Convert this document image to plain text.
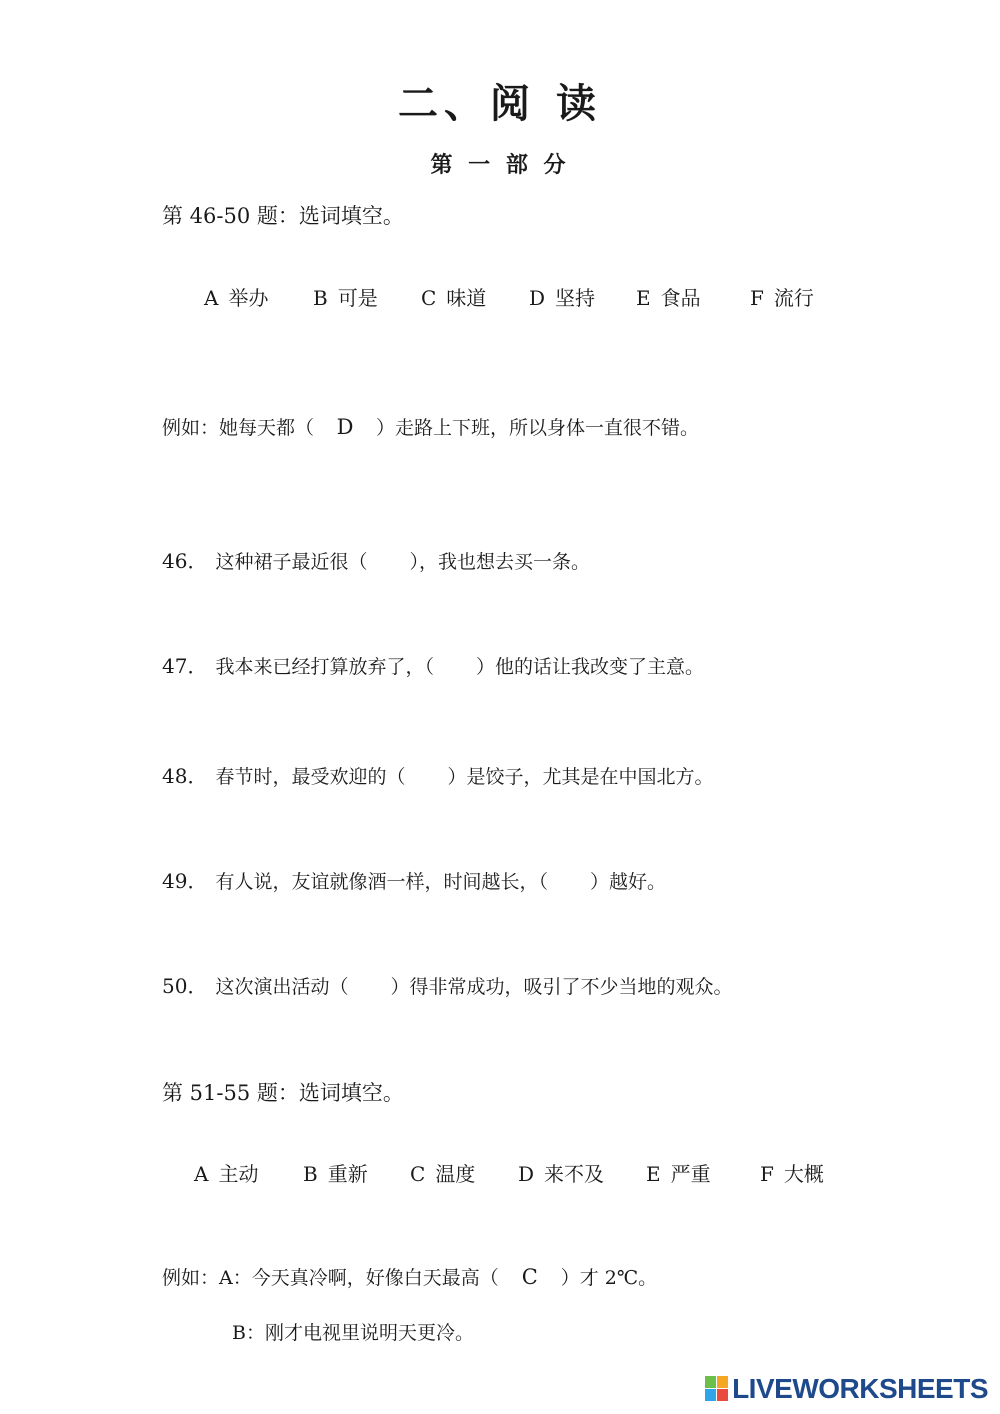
二、阅 读
第 一 部 分
第 46-50 题：选词填空。
A 举办 B 可是 C 味道 D 坚持 E 食品 F 流行
例如：她每天都（ D ）走路上下班，所以身体一直很不错。
46． 这种裙子最近很（ ），我也想去买一条。
47． 我本来已经打算放弃了，（ ）他的话让我改变了主意。
48． 春节时，最受欢迎的（ ）是饺子，尤其是在中国北方。
49． 有人说，友谊就像酒一样，时间越长，（ ）越好。
50． 这次演出活动（ ）得非常成功，吸引了不少当地的观众。
第 51-55 题：选词填空。
A 主动 B 重新 C 温度 D 来不及 E 严重 F 大概
例如：A：今天真冷啊，好像白天最高（ C ）才 2℃。
B：刚才电视里说明天更冷。
LIVEWORKSHEETS
